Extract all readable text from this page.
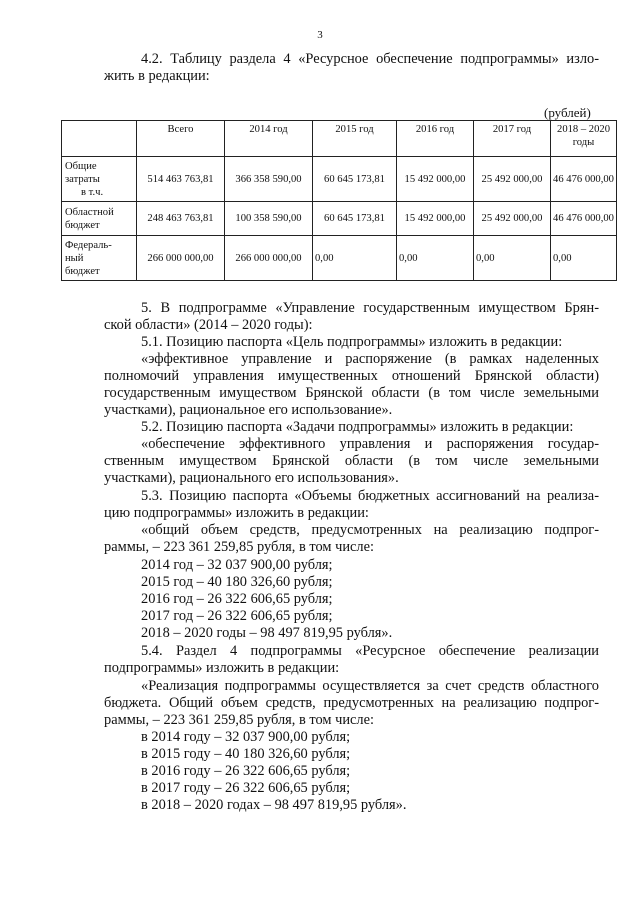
3
4.2. Таблицу раздела 4 «Ресурсное обеспечение подпрограммы» изло-
жить в редакции:
(рублей)
	Всего	2014 год	2015 год	2016 год	2017 год	2018 – 2020 годы

Общие
затраты
в т.ч.	514 463 763,81	366 358 590,00	60 645 173,81	15 492 000,00	25 492 000,00	46 476 000,00

Областной
бюджет	248 463 763,81	100 358 590,00	60 645 173,81	15 492 000,00	25 492 000,00	46 476 000,00

Федераль-
ный
бюджет	266 000 000,00	266 000 000,00	0,00	0,00	0,00	0,00
5. В подпрограмме «Управление государственным имуществом Брян-
ской области» (2014 – 2020 годы):
5.1. Позицию паспорта «Цель подпрограммы» изложить в редакции:
«эффективное управление и распоряжение (в рамках наделенных
полномочий управления имущественных отношений Брянской области)
государственным имуществом Брянской области (в том числе земельными
участками), рациональное его использование».
5.2. Позицию паспорта «Задачи подпрограммы» изложить в редакции:
«обеспечение эффективного управления и распоряжения государ-
ственным имуществом Брянской области (в том числе земельными
участками), рационального его использования».
5.3. Позицию паспорта «Объемы бюджетных ассигнований на реализа-
цию подпрограммы» изложить в редакции:
«общий объем средств, предусмотренных на реализацию подпрог-
раммы, – 223 361 259,85 рубля, в том числе:
2014 год – 32 037 900,00 рубля;
2015 год – 40 180 326,60 рубля;
2016 год – 26 322 606,65 рубля;
2017 год – 26 322 606,65 рубля;
2018 – 2020 годы – 98 497 819,95 рубля».
5.4. Раздел 4 подпрограммы «Ресурсное обеспечение реализации
подпрограммы» изложить в редакции:
«Реализация подпрограммы осуществляется за счет средств областного
бюджета. Общий объем средств, предусмотренных на реализацию подпрог-
раммы, – 223 361 259,85 рубля, в том числе:
в 2014 году – 32 037 900,00 рубля;
в 2015 году – 40 180 326,60 рубля;
в 2016 году – 26 322 606,65 рубля;
в 2017 году – 26 322 606,65 рубля;
в 2018 – 2020 годах – 98 497 819,95 рубля».
